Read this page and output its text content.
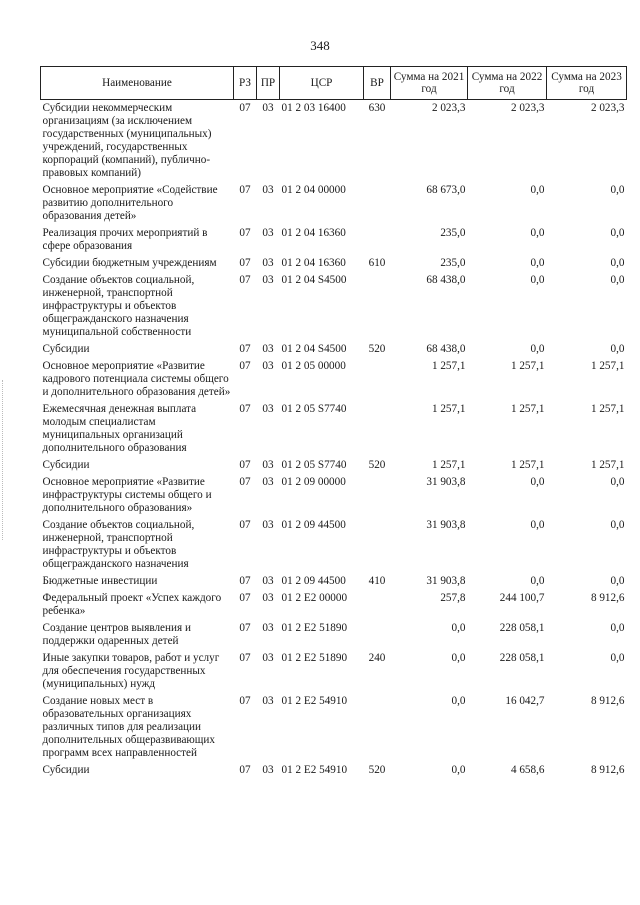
348
Наименование	РЗ	ПР	ЦСР	ВР	Сумма на 2021 год	Сумма на 2022 год	Сумма на 2023 год
Субсидии некоммерческим организациям (за исключением государственных (муниципальных) учреждений, государственных корпораций (компаний), публично-правовых компаний)	07	03	01 2 03 16400	630	2 023,3	2 023,3	2 023,3
Основное мероприятие «Содействие развитию дополнительного образования детей»	07	03	01 2 04 00000		68 673,0	0,0	0,0
Реализация прочих мероприятий в сфере образования	07	03	01 2 04 16360		235,0	0,0	0,0
Субсидии бюджетным учреждениям	07	03	01 2 04 16360	610	235,0	0,0	0,0
Создание объектов социальной, инженерной, транспортной инфраструктуры и объектов общегражданского назначения муниципальной собственности	07	03	01 2 04 S4500		68 438,0	0,0	0,0
Субсидии	07	03	01 2 04 S4500	520	68 438,0	0,0	0,0
Основное мероприятие «Развитие кадрового потенциала системы общего и дополнительного образования детей»	07	03	01 2 05 00000		1 257,1	1 257,1	1 257,1
Ежемесячная денежная выплата молодым специалистам муниципальных организаций дополнительного образования	07	03	01 2 05 S7740		1 257,1	1 257,1	1 257,1
Субсидии	07	03	01 2 05 S7740	520	1 257,1	1 257,1	1 257,1
Основное мероприятие «Развитие инфраструктуры системы общего и дополнительного образования»	07	03	01 2 09 00000		31 903,8	0,0	0,0
Создание объектов социальной, инженерной, транспортной инфраструктуры и объектов общегражданского назначения	07	03	01 2 09 44500		31 903,8	0,0	0,0
Бюджетные инвестиции	07	03	01 2 09 44500	410	31 903,8	0,0	0,0
Федеральный проект «Успех каждого ребенка»	07	03	01 2 E2 00000		257,8	244 100,7	8 912,6
Создание центров выявления и поддержки одаренных детей	07	03	01 2 E2 51890		0,0	228 058,1	0,0
Иные закупки товаров, работ и услуг для обеспечения государственных (муниципальных) нужд	07	03	01 2 E2 51890	240	0,0	228 058,1	0,0
Создание новых мест в образовательных организациях различных типов для реализации дополнительных общеразвивающих программ всех направленностей	07	03	01 2 E2 54910		0,0	16 042,7	8 912,6
Субсидии	07	03	01 2 E2 54910	520	0,0	4 658,6	8 912,6
